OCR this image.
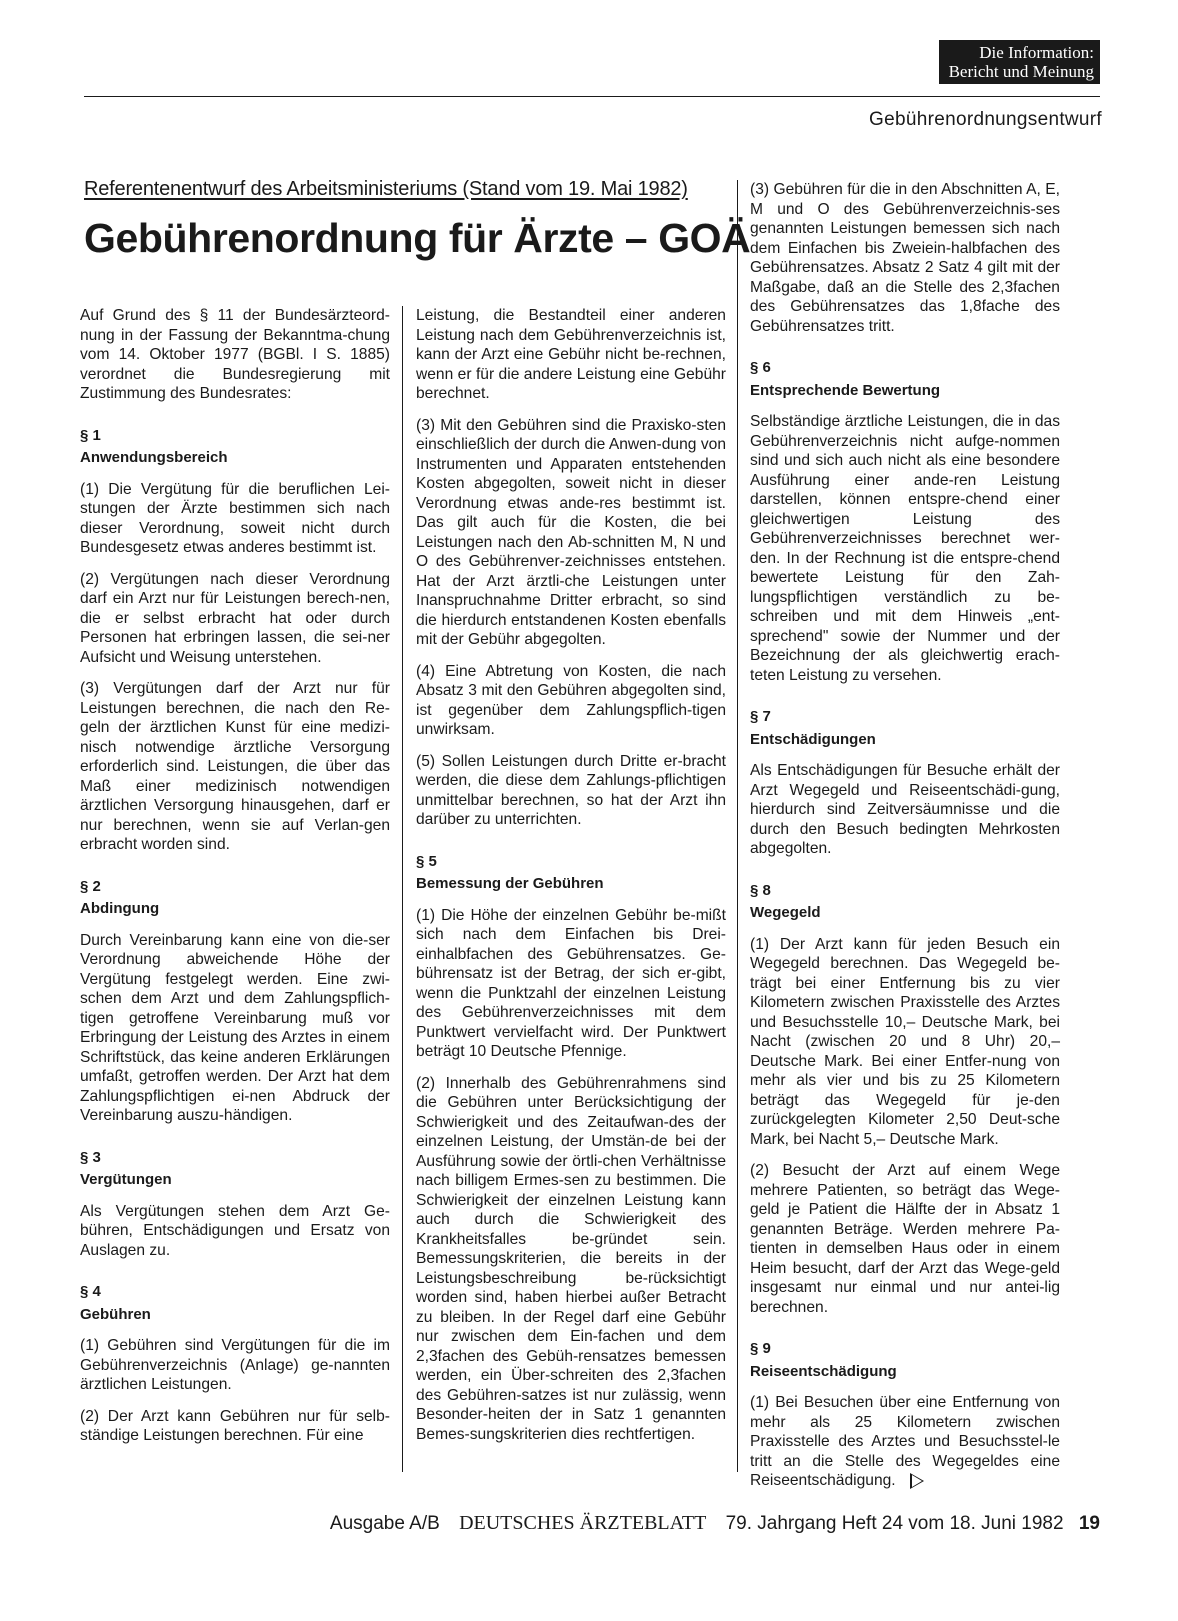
Die Information:
Bericht und Meinung
Gebührenordnungsentwurf

Referentenentwurf des Arbeitsministeriums (Stand vom 19. Mai 1982)

Gebührenordnung für Ärzte – GOÄ

Auf Grund des § 11 der Bundesärzteord-nung in der Fassung der Bekanntma-chung vom 14. Oktober 1977 (BGBl. I S. 1885) verordnet die Bundesregierung mit Zustimmung des Bundesrates:

§ 1
Anwendungsbereich

(1) Die Vergütung für die beruflichen Lei-stungen der Ärzte bestimmen sich nach dieser Verordnung, soweit nicht durch Bundesgesetz etwas anderes bestimmt ist.

(2) Vergütungen nach dieser Verordnung darf ein Arzt nur für Leistungen berech-nen, die er selbst erbracht hat oder durch Personen hat erbringen lassen, die sei-ner Aufsicht und Weisung unterstehen.

(3) Vergütungen darf der Arzt nur für Leistungen berechnen, die nach den Re-geln der ärztlichen Kunst für eine medizi-nisch notwendige ärztliche Versorgung erforderlich sind. Leistungen, die über das Maß einer medizinisch notwendigen ärztlichen Versorgung hinausgehen, darf er nur berechnen, wenn sie auf Verlan-gen erbracht worden sind.

§ 2
Abdingung

Durch Vereinbarung kann eine von die-ser Verordnung abweichende Höhe der Vergütung festgelegt werden. Eine zwi-schen dem Arzt und dem Zahlungspflich-tigen getroffene Vereinbarung muß vor Erbringung der Leistung des Arztes in einem Schriftstück, das keine anderen Erklärungen umfaßt, getroffen werden. Der Arzt hat dem Zahlungspflichtigen ei-nen Abdruck der Vereinbarung auszu-händigen.

§ 3
Vergütungen

Als Vergütungen stehen dem Arzt Ge-bühren, Entschädigungen und Ersatz von Auslagen zu.

§ 4
Gebühren

(1) Gebühren sind Vergütungen für die im Gebührenverzeichnis (Anlage) ge-nannten ärztlichen Leistungen.

(2) Der Arzt kann Gebühren nur für selb-ständige Leistungen berechnen. Für eine

Leistung, die Bestandteil einer anderen Leistung nach dem Gebührenverzeichnis ist, kann der Arzt eine Gebühr nicht be-rechnen, wenn er für die andere Leistung eine Gebühr berechnet.

(3) Mit den Gebühren sind die Praxisko-sten einschließlich der durch die Anwen-dung von Instrumenten und Apparaten entstehenden Kosten abgegolten, soweit nicht in dieser Verordnung etwas ande-res bestimmt ist. Das gilt auch für die Kosten, die bei Leistungen nach den Ab-schnitten M, N und O des Gebührenver-zeichnisses entstehen. Hat der Arzt ärztli-che Leistungen unter Inanspruchnahme Dritter erbracht, so sind die hierdurch entstandenen Kosten ebenfalls mit der Gebühr abgegolten.

(4) Eine Abtretung von Kosten, die nach Absatz 3 mit den Gebühren abgegolten sind, ist gegenüber dem Zahlungspflich-tigen unwirksam.

(5) Sollen Leistungen durch Dritte er-bracht werden, die diese dem Zahlungs-pflichtigen unmittelbar berechnen, so hat der Arzt ihn darüber zu unterrichten.

§ 5
Bemessung der Gebühren

(1) Die Höhe der einzelnen Gebühr be-mißt sich nach dem Einfachen bis Drei-einhalbfachen des Gebührensatzes. Ge-bührensatz ist der Betrag, der sich er-gibt, wenn die Punktzahl der einzelnen Leistung des Gebührenverzeichnisses mit dem Punktwert vervielfacht wird. Der Punktwert beträgt 10 Deutsche Pfennige.

(2) Innerhalb des Gebührenrahmens sind die Gebühren unter Berücksichtigung der Schwierigkeit und des Zeitaufwan-des der einzelnen Leistung, der Umstän-de bei der Ausführung sowie der örtli-chen Verhältnisse nach billigem Ermes-sen zu bestimmen. Die Schwierigkeit der einzelnen Leistung kann auch durch die Schwierigkeit des Krankheitsfalles be-gründet sein. Bemessungskriterien, die bereits in der Leistungsbeschreibung be-rücksichtigt worden sind, haben hierbei außer Betracht zu bleiben. In der Regel darf eine Gebühr nur zwischen dem Ein-fachen und dem 2,3fachen des Gebüh-rensatzes bemessen werden, ein Über-schreiten des 2,3fachen des Gebühren-satzes ist nur zulässig, wenn Besonder-heiten der in Satz 1 genannten Bemes-sungskriterien dies rechtfertigen.

(3) Gebühren für die in den Abschnitten A, E, M und O des Gebührenverzeichnis-ses genannten Leistungen bemessen sich nach dem Einfachen bis Zweiein-halbfachen des Gebührensatzes. Absatz 2 Satz 4 gilt mit der Maßgabe, daß an die Stelle des 2,3fachen des Gebührensatzes das 1,8fache des Gebührensatzes tritt.

§ 6
Entsprechende Bewertung

Selbständige ärztliche Leistungen, die in das Gebührenverzeichnis nicht aufge-nommen sind und sich auch nicht als eine besondere Ausführung einer ande-ren Leistung darstellen, können entspre-chend einer gleichwertigen Leistung des Gebührenverzeichnisses berechnet wer-den. In der Rechnung ist die entspre-chend bewertete Leistung für den Zah-lungspflichtigen verständlich zu be-schreiben und mit dem Hinweis „ent-sprechend" sowie der Nummer und der Bezeichnung der als gleichwertig erach-teten Leistung zu versehen.

§ 7
Entschädigungen

Als Entschädigungen für Besuche erhält der Arzt Wegegeld und Reiseentschädi-gung, hierdurch sind Zeitversäumnisse und die durch den Besuch bedingten Mehrkosten abgegolten.

§ 8
Wegegeld

(1) Der Arzt kann für jeden Besuch ein Wegegeld berechnen. Das Wegegeld be-trägt bei einer Entfernung bis zu vier Kilometern zwischen Praxisstelle des Arztes und Besuchsstelle 10,– Deutsche Mark, bei Nacht (zwischen 20 und 8 Uhr) 20,– Deutsche Mark. Bei einer Entfer-nung von mehr als vier und bis zu 25 Kilometern beträgt das Wegegeld für je-den zurückgelegten Kilometer 2,50 Deut-sche Mark, bei Nacht 5,– Deutsche Mark.

(2) Besucht der Arzt auf einem Wege mehrere Patienten, so beträgt das Wege-geld je Patient die Hälfte der in Absatz 1 genannten Beträge. Werden mehrere Pa-tienten in demselben Haus oder in einem Heim besucht, darf der Arzt das Wege-geld insgesamt nur einmal und nur antei-lig berechnen.

§ 9
Reiseentschädigung

(1) Bei Besuchen über eine Entfernung von mehr als 25 Kilometern zwischen Praxisstelle des Arztes und Besuchsstel-le tritt an die Stelle des Wegegeldes eine Reiseentschädigung.

Ausgabe A/B DEUTSCHES ÄRZTEBLATT 79. Jahrgang Heft 24 vom 18. Juni 1982 19
